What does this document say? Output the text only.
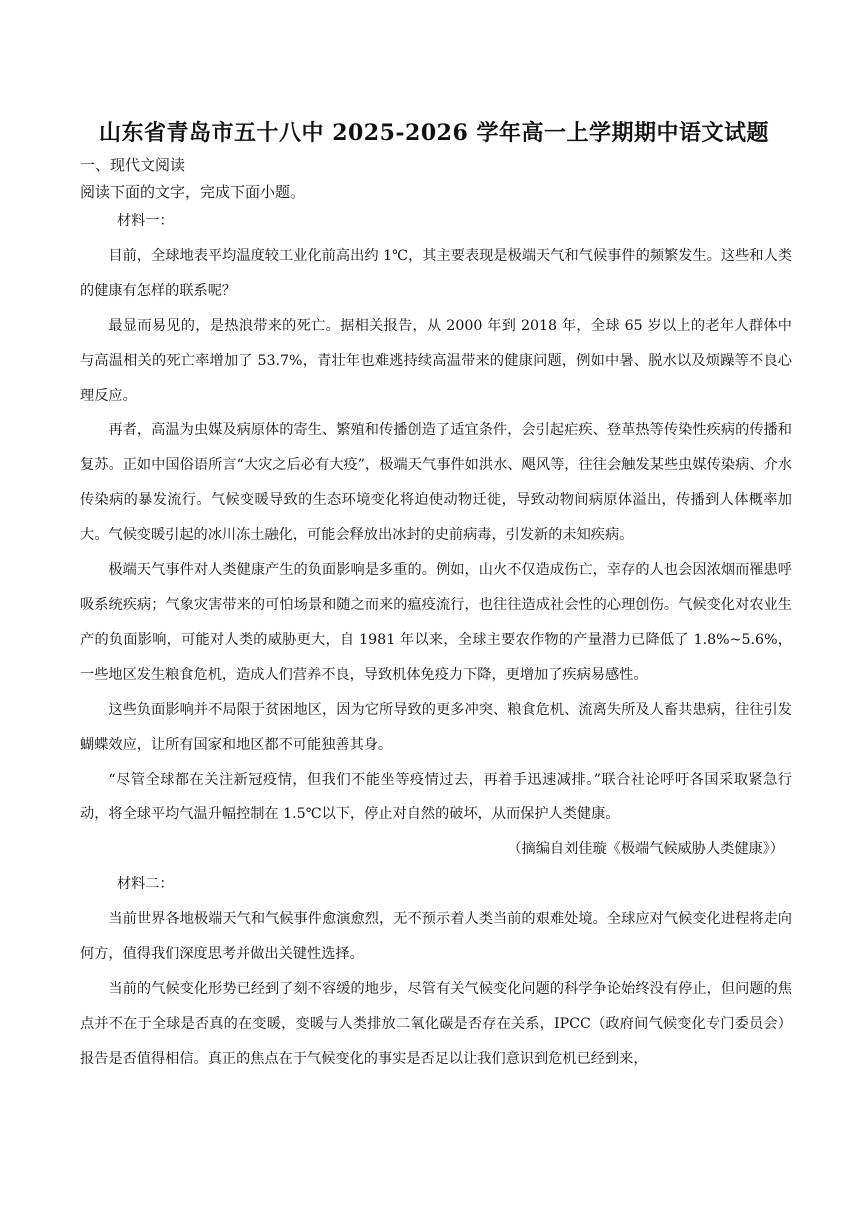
山东省青岛市五十八中 2025-2026 学年高一上学期期中语文试题
一、现代文阅读
阅读下面的文字，完成下面小题。

材料一：

目前，全球地表平均温度较工业化前高出约 1℃，其主要表现是极端天气和气候事件的频繁发生。这些和人类的健康有怎样的联系呢？

最显而易见的，是热浪带来的死亡。据相关报告，从 2000 年到 2018 年，全球 65 岁以上的老年人群体中与高温相关的死亡率增加了 53.7%，青壮年也难逃持续高温带来的健康问题，例如中暑、脱水以及烦躁等不良心理反应。

再者，高温为虫媒及病原体的寄生、繁殖和传播创造了适宜条件，会引起疟疾、登革热等传染性疾病的传播和复苏。正如中国俗语所言“大灾之后必有大疫”，极端天气事件如洪水、飓风等，往往会触发某些虫媒传染病、介水传染病的暴发流行。气候变暖导致的生态环境变化将迫使动物迁徙，导致动物间病原体溢出，传播到人体概率加大。气候变暖引起的冰川冻土融化，可能会释放出冰封的史前病毒，引发新的未知疾病。

极端天气事件对人类健康产生的负面影响是多重的。例如，山火不仅造成伤亡，幸存的人也会因浓烟而罹患呼吸系统疾病；气象灾害带来的可怕场景和随之而来的瘟疫流行，也往往造成社会性的心理创伤。气候变化对农业生产的负面影响，可能对人类的威胁更大，自 1981 年以来，全球主要农作物的产量潜力已降低了 1.8%~5.6%，一些地区发生粮食危机，造成人们营养不良，导致机体免疫力下降，更增加了疾病易感性。

这些负面影响并不局限于贫困地区，因为它所导致的更多冲突、粮食危机、流离失所及人畜共患病，往往引发蝴蝶效应，让所有国家和地区都不可能独善其身。

“尽管全球都在关注新冠疫情，但我们不能坐等疫情过去，再着手迅速减排。”联合社论呼吁各国采取紧急行动，将全球平均气温升幅控制在 1.5℃以下，停止对自然的破坏，从而保护人类健康。

（摘编自刘佳璇《极端气候威胁人类健康》）

材料二：

当前世界各地极端天气和气候事件愈演愈烈，无不预示着人类当前的艰难处境。全球应对气候变化进程将走向何方，值得我们深度思考并做出关键性选择。

当前的气候变化形势已经到了刻不容缓的地步，尽管有关气候变化问题的科学争论始终没有停止，但问题的焦点并不在于全球是否真的在变暖，变暖与人类排放二氧化碳是否存在关系，IPCC（政府间气候变化专门委员会）报告是否值得相信。真正的焦点在于气候变化的事实是否足以让我们意识到危机已经到来，
